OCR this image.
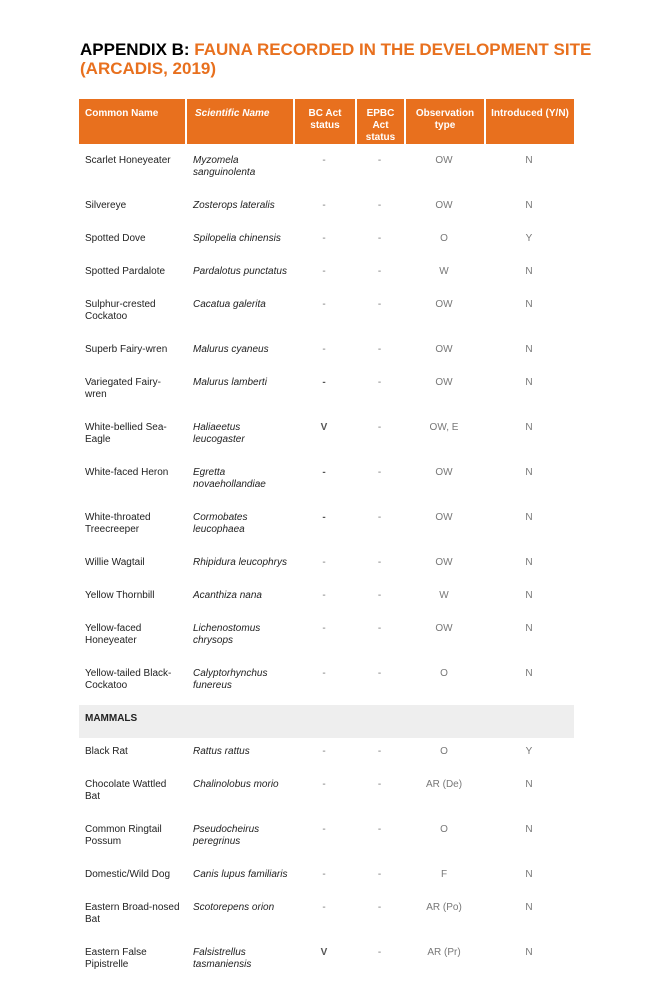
APPENDIX B: FAUNA RECORDED IN THE DEVELOPMENT SITE (ARCADIS, 2019)
Common Name	Scientific Name	BC Act status	EPBC Act status	Observation type	Introduced (Y/N)
Scarlet Honeyeater	Myzomela sanguinolenta	-	-	OW	N
Silvereye	Zosterops lateralis	-	-	OW	N
Spotted Dove	Spilopelia chinensis	-	-	O	Y
Spotted Pardalote	Pardalotus punctatus	-	-	W	N
Sulphur-crested Cockatoo	Cacatua galerita	-	-	OW	N
Superb Fairy-wren	Malurus cyaneus	-	-	OW	N
Variegated Fairy-wren	Malurus lamberti	-	-	OW	N
White-bellied Sea-Eagle	Haliaeetus leucogaster	V	-	OW, E	N
White-faced Heron	Egretta novaehollandiae	-	-	OW	N
White-throated Treecreeper	Cormobates leucophaea	-	-	OW	N
Willie Wagtail	Rhipidura leucophrys	-	-	OW	N
Yellow Thornbill	Acanthiza nana	-	-	W	N
Yellow-faced Honeyeater	Lichenostomus chrysops	-	-	OW	N
Yellow-tailed Black-Cockatoo	Calyptorhynchus funereus	-	-	O	N
MAMMALS					
Black Rat	Rattus rattus	-	-	O	Y
Chocolate Wattled Bat	Chalinolobus morio	-	-	AR (De)	N
Common Ringtail Possum	Pseudocheirus peregrinus	-	-	O	N
Domestic/Wild Dog	Canis lupus familiaris	-	-	F	N
Eastern Broad-nosed Bat	Scotorepens orion	-	-	AR (Po)	N
Eastern False Pipistrelle	Falsistrellus tasmaniensis	V	-	AR (Pr)	N
